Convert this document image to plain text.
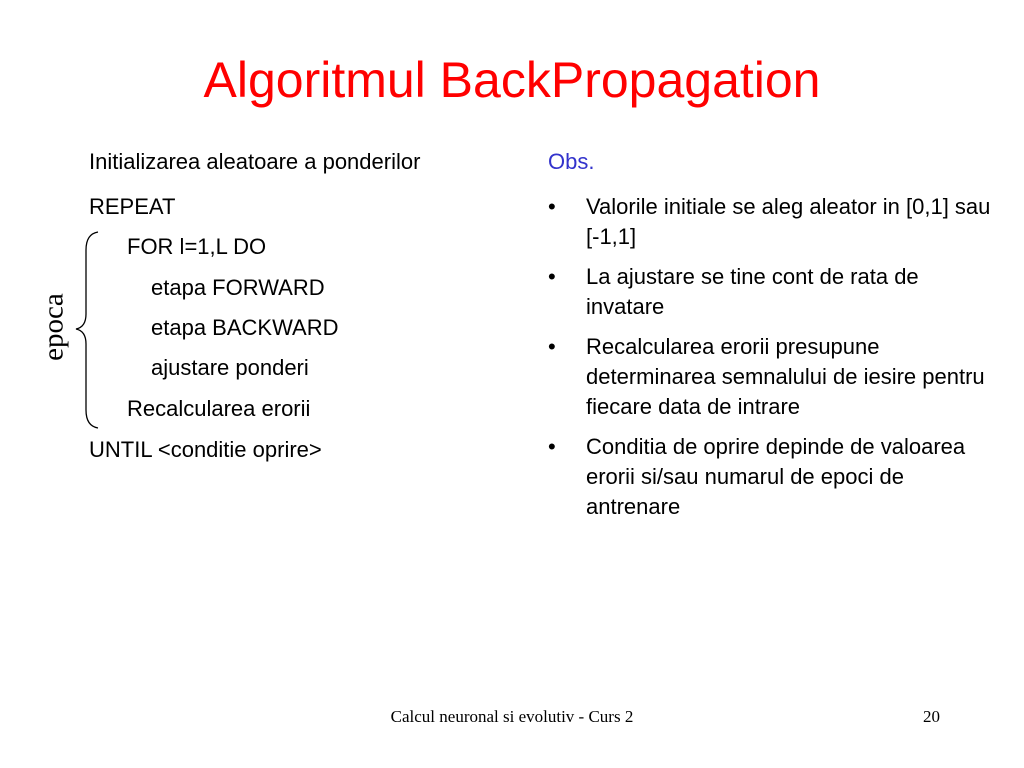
Algoritmul BackPropagation
Initializarea aleatoare a ponderilor
REPEAT
FOR l=1,L DO
etapa FORWARD
etapa BACKWARD
ajustare ponderi
Recalcularea erorii
UNTIL <conditie oprire>
epoca
Obs.
• Valorile initiale se aleg aleator in [0,1] sau [-1,1]
• La ajustare se tine cont de rata de invatare
• Recalcularea erorii presupune determinarea semnalului de iesire pentru fiecare data de intrare
• Conditia de oprire depinde de valoarea erorii si/sau numarul de epoci de antrenare
Calcul neuronal si evolutiv - Curs 2	20
